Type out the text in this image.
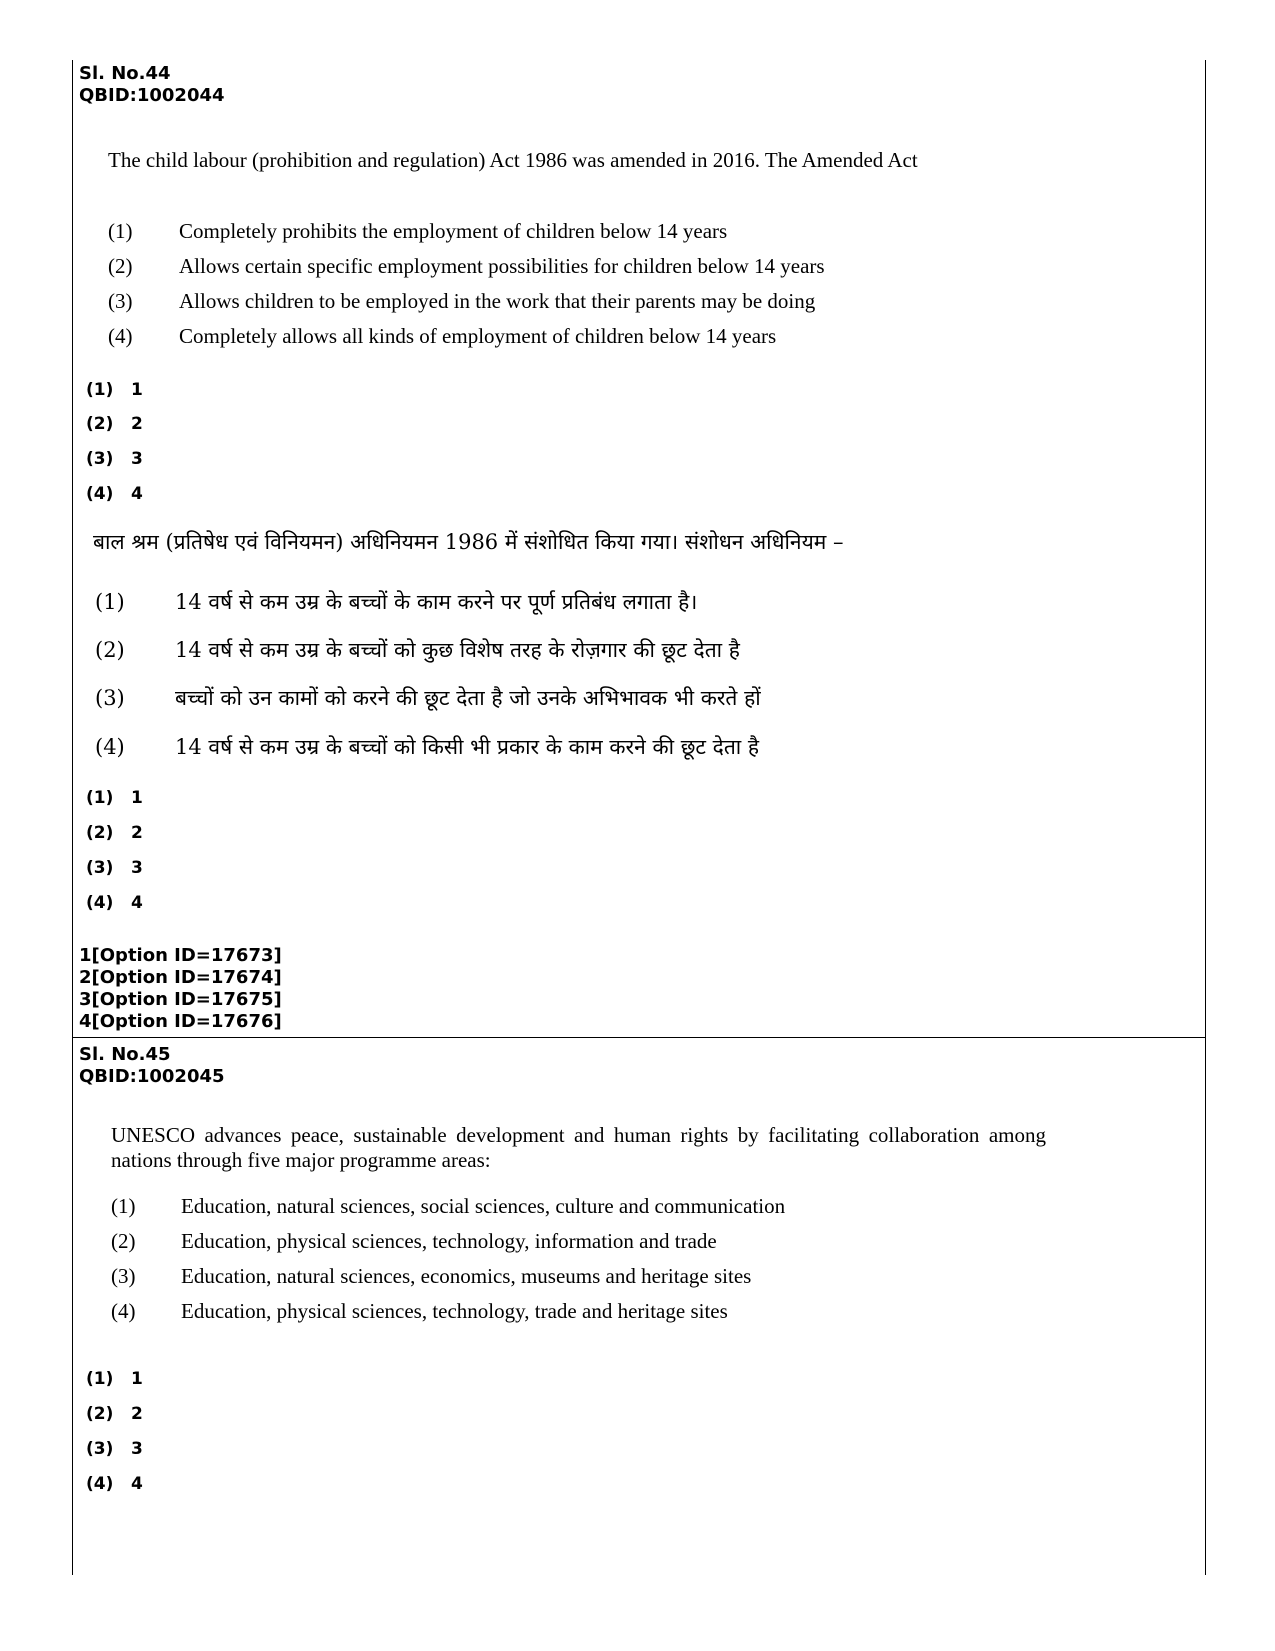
Sl. No.44
QBID:1002044
The child labour (prohibition and regulation) Act 1986 was amended in 2016. The Amended Act
(1) Completely prohibits the employment of children below 14 years
(2) Allows certain specific employment possibilities for children below 14 years
(3) Allows children to be employed in the work that their parents may be doing
(4) Completely allows all kinds of employment of children below 14 years
(1) 1
(2) 2
(3) 3
(4) 4
बाल श्रम (प्रतिषेध एवं विनियमन) अधिनियमन 1986 में संशोधित किया गया। संशोधन अधिनियम –
(1) 14 वर्ष से कम उम्र के बच्चों के काम करने पर पूर्ण प्रतिबंध लगाता है।
(2) 14 वर्ष से कम उम्र के बच्चों को कुछ विशेष तरह के रोज़गार की छूट देता है
(3) बच्चों को उन कामों को करने की छूट देता है जो उनके अभिभावक भी करते हों
(4) 14 वर्ष से कम उम्र के बच्चों को किसी भी प्रकार के काम करने की छूट देता है
(1) 1
(2) 2
(3) 3
(4) 4
1[Option ID=17673]
2[Option ID=17674]
3[Option ID=17675]
4[Option ID=17676]
Sl. No.45
QBID:1002045
UNESCO advances peace, sustainable development and human rights by facilitating collaboration among nations through five major programme areas:
(1) Education, natural sciences, social sciences, culture and communication
(2) Education, physical sciences, technology, information and trade
(3) Education, natural sciences, economics, museums and heritage sites
(4) Education, physical sciences, technology, trade and heritage sites
(1) 1
(2) 2
(3) 3
(4) 4
